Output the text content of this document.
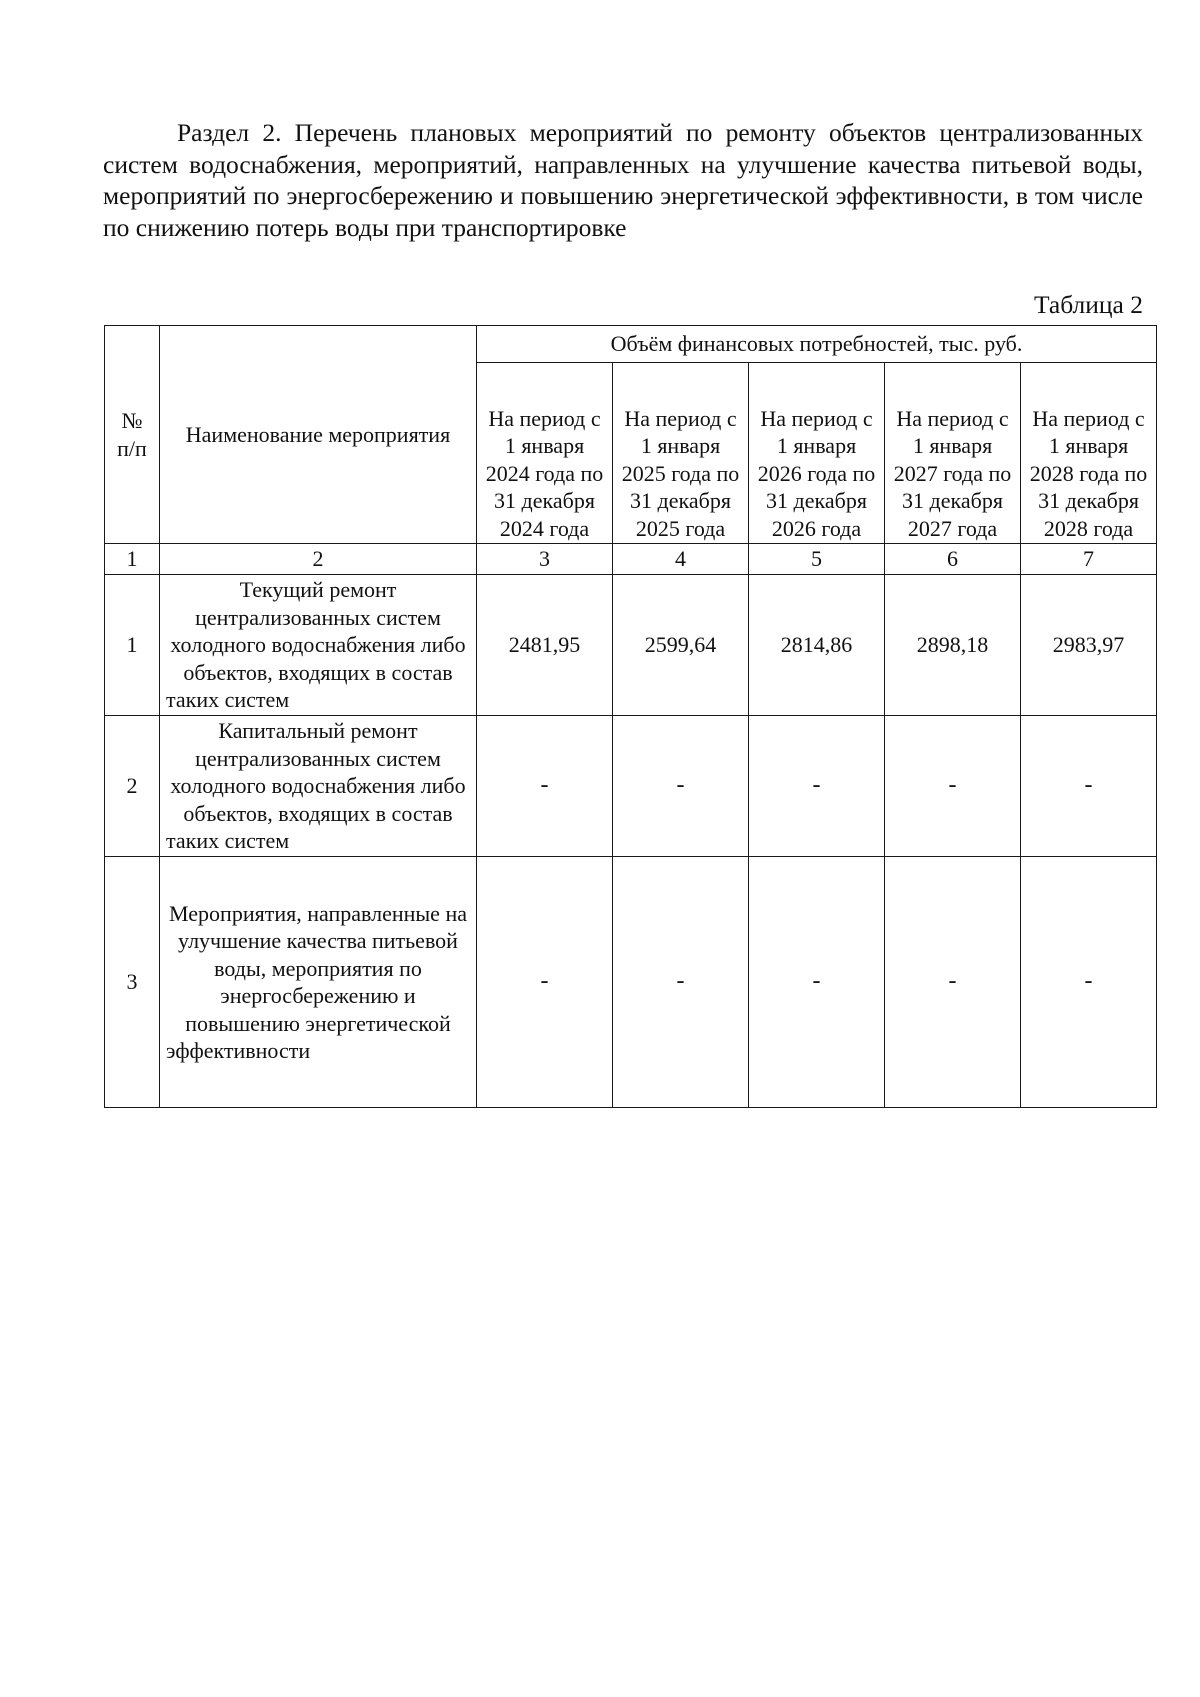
Раздел 2. Перечень плановых мероприятий по ремонту объектов централизованных систем водоснабжения, мероприятий, направленных на улучшение качества питьевой воды, мероприятий по энергосбережению и повышению энергетической эффективности, в том числе по снижению потерь воды при транспортировке

Таблица 2
№ п/п	Наименование мероприятия	Объём финансовых потребностей, тыс. руб.				
		На период с 1 января 2024 года по 31 декабря 2024 года	На период с 1 января 2025 года по 31 декабря 2025 года	На период с 1 января 2026 года по 31 декабря 2026 года	На период с 1 января 2027 года по 31 декабря 2027 года	На период с 1 января 2028 года по 31 декабря 2028 года
1	2	3	4	5	6	7
1	Текущий ремонт централизованных систем холодного водоснабжения либо объектов, входящих в состав таких систем	2481,95	2599,64	2814,86	2898,18	2983,97
2	Капитальный ремонт централизованных систем холодного водоснабжения либо объектов, входящих в состав таких систем	-	-	-	-	-
3	Мероприятия, направленные на улучшение качества питьевой воды, мероприятия по энергосбережению и повышению энергетической эффективности	-	-	-	-	-
